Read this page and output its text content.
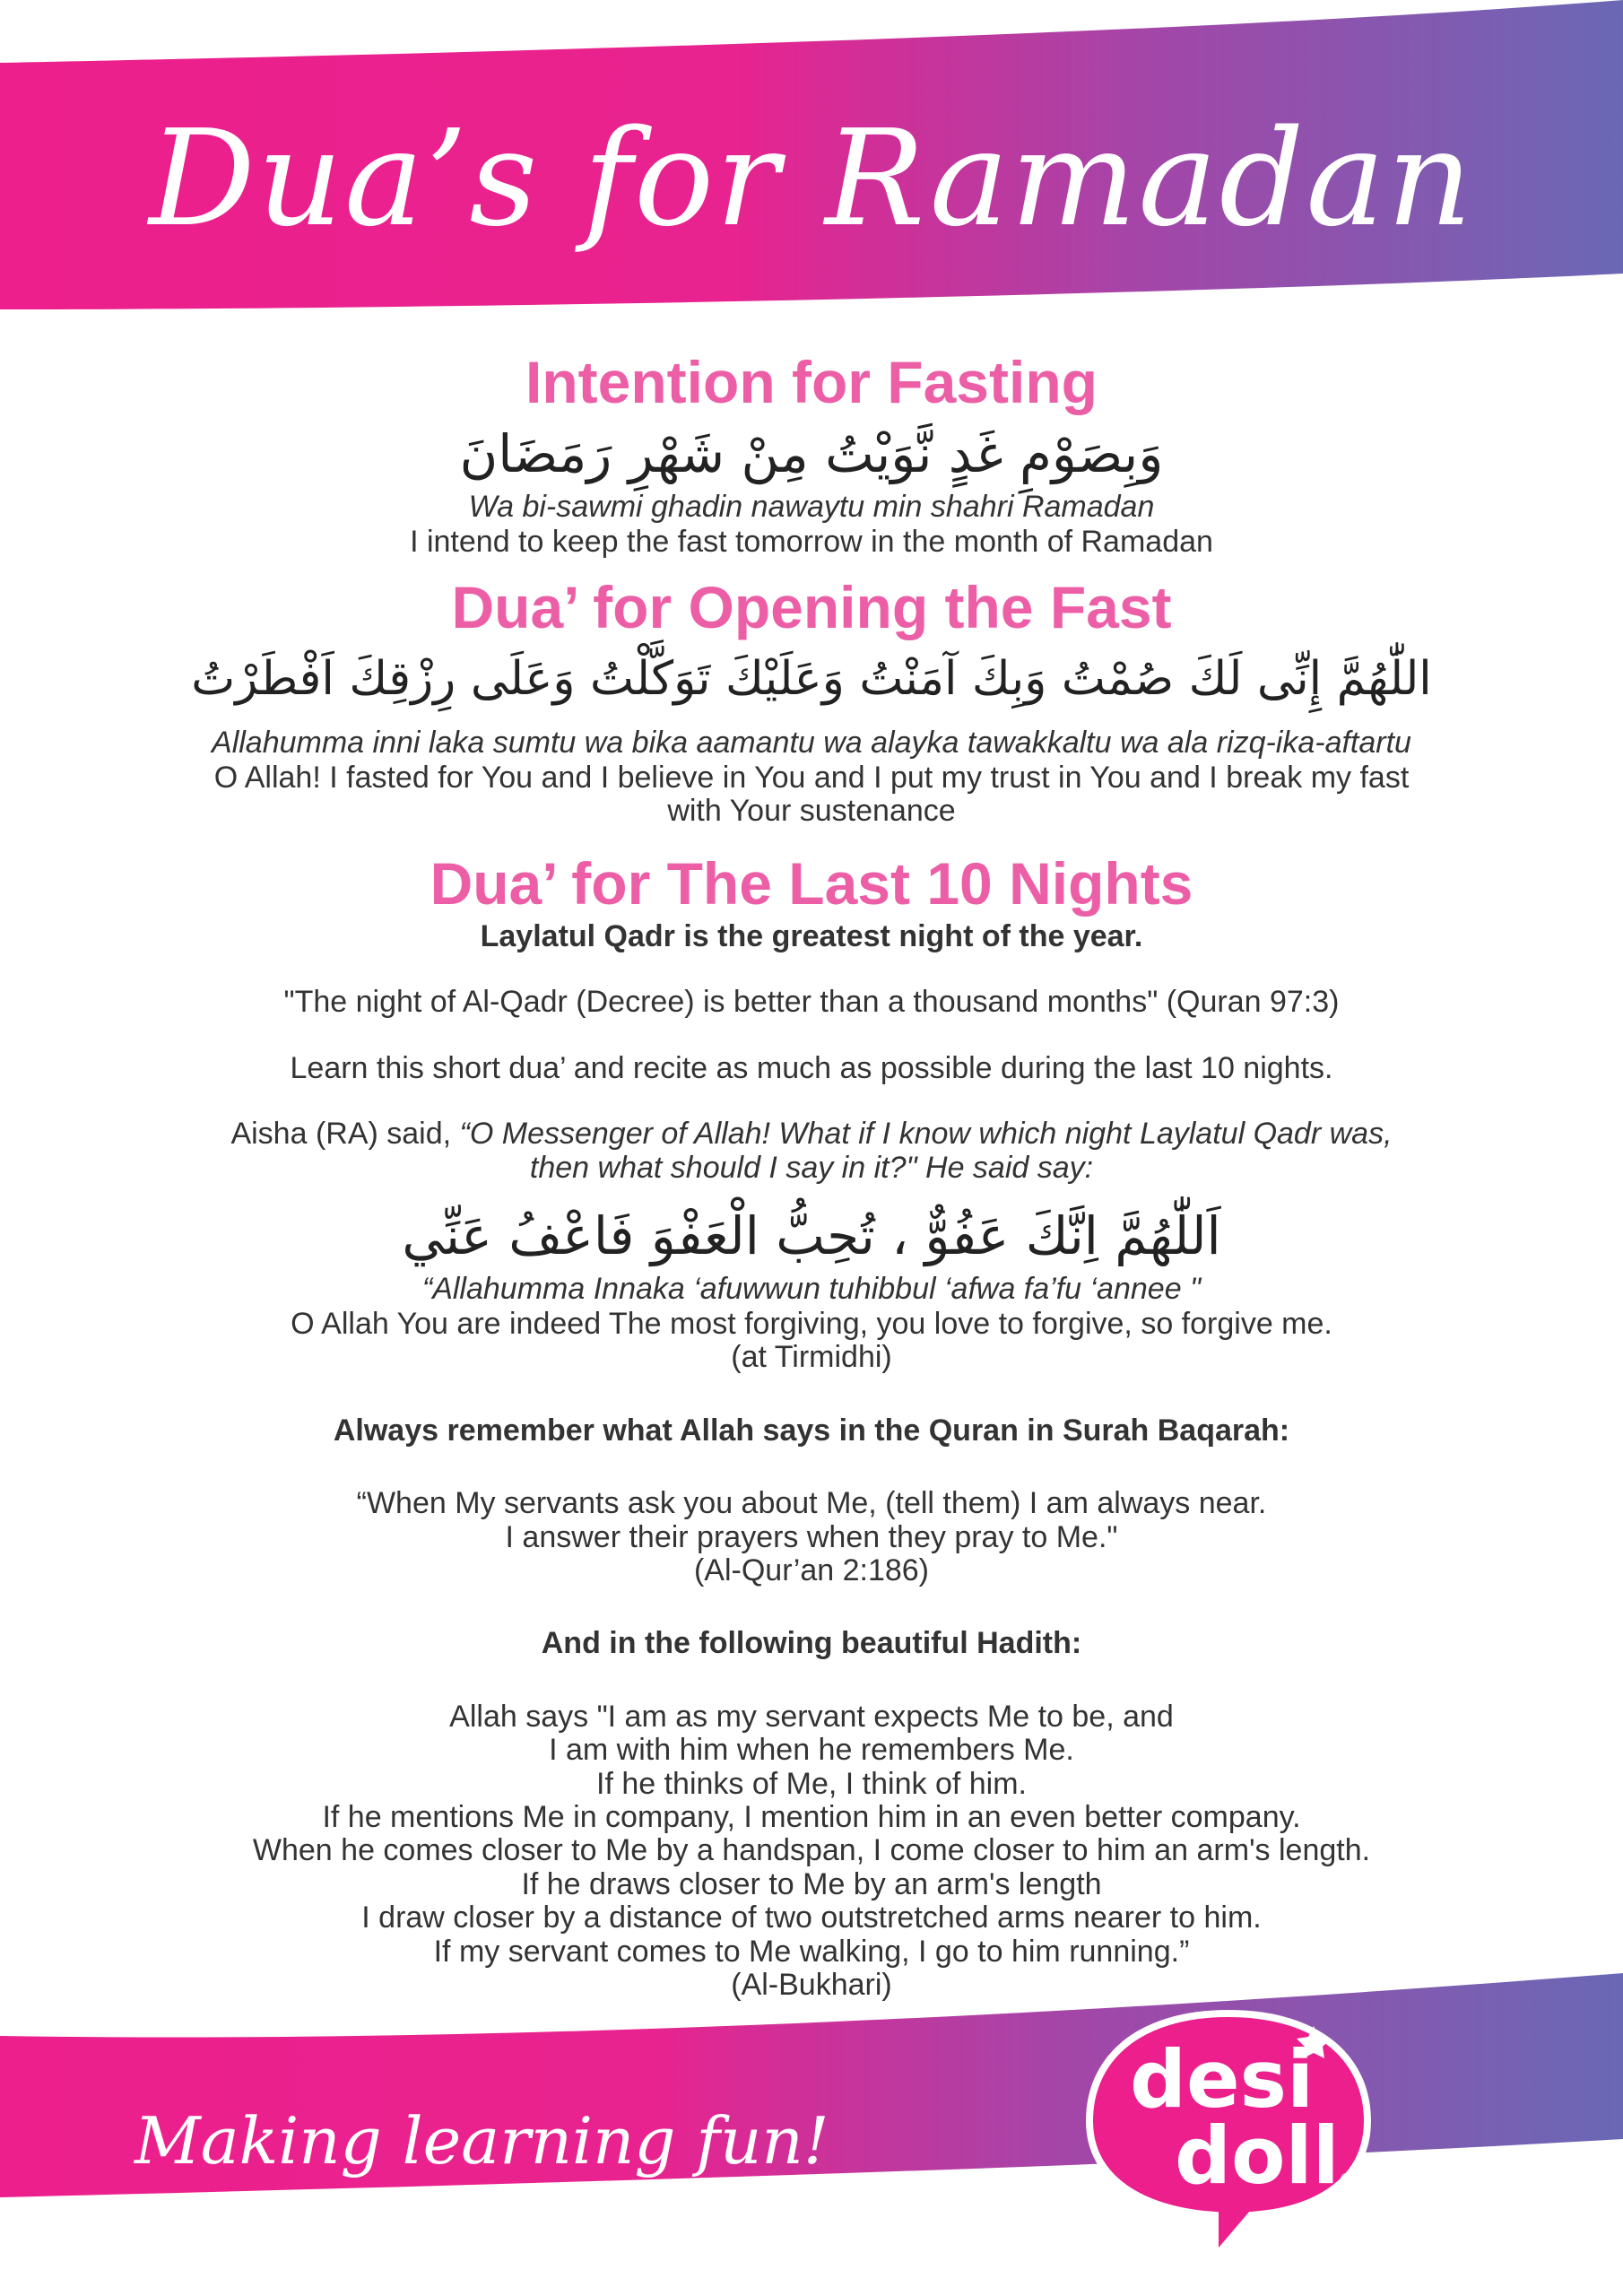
Dua’s for Ramadan

Intention for Fasting

وَبِصَوْمِ غَدٍ نَّوَيْتُ مِنْ شَهْرِ رَمَضَانَ

Wa bi-sawmi ghadin nawaytu min shahri Ramadan

I intend to keep the fast tomorrow in the month of Ramadan

Dua’ for Opening the Fast

اللّٰهُمَّ إِنِّی لَكَ صُمْتُ وَبِكَ آمَنْتُ وَعَلَيْكَ تَوَكَّلْتُ وَعَلَى رِزْقِكَ اَفْطَرْتُ

Allahumma inni laka sumtu wa bika aamantu wa alayka tawakkaltu wa ala rizq-ika-aftartu

O Allah! I fasted for You and I believe in You and I put my trust in You and I break my fast

with Your sustenance

Dua’ for The Last 10 Nights

Laylatul Qadr is the greatest night of the year.

"The night of Al-Qadr (Decree) is better than a thousand months" (Quran 97:3)

Learn this short dua’ and recite as much as possible during the last 10 nights.

Aisha (RA) said, “O Messenger of Allah! What if I know which night Laylatul Qadr was,

then what should I say in it?" He said say:

اَللّٰهُمَّ اِنَّكَ عَفُوٌّ ، تُحِبُّ الْعَفْوَ فَاعْفُ عَنِّي

“Allahumma Innaka ‘afuwwun tuhibbul ‘afwa fa’fu ‘annee "

O Allah You are indeed The most forgiving, you love to forgive, so forgive me.

(at Tirmidhi)

Always remember what Allah says in the Quran in Surah Baqarah:

“When My servants ask you about Me, (tell them) I am always near.

I answer their prayers when they pray to Me."

(Al-Qur’an 2:186)

And in the following beautiful Hadith:

Allah says "I am as my servant expects Me to be, and

I am with him when he remembers Me.

If he thinks of Me, I think of him.

If he mentions Me in company, I mention him in an even better company.

When he comes closer to Me by a handspan, I come closer to him an arm's length.

If he draws closer to Me by an arm's length

I draw closer by a distance of two outstretched arms nearer to him.

If my servant comes to Me walking, I go to him running.”

(Al-Bukhari)

Making learning fun!
desi
doll ®
